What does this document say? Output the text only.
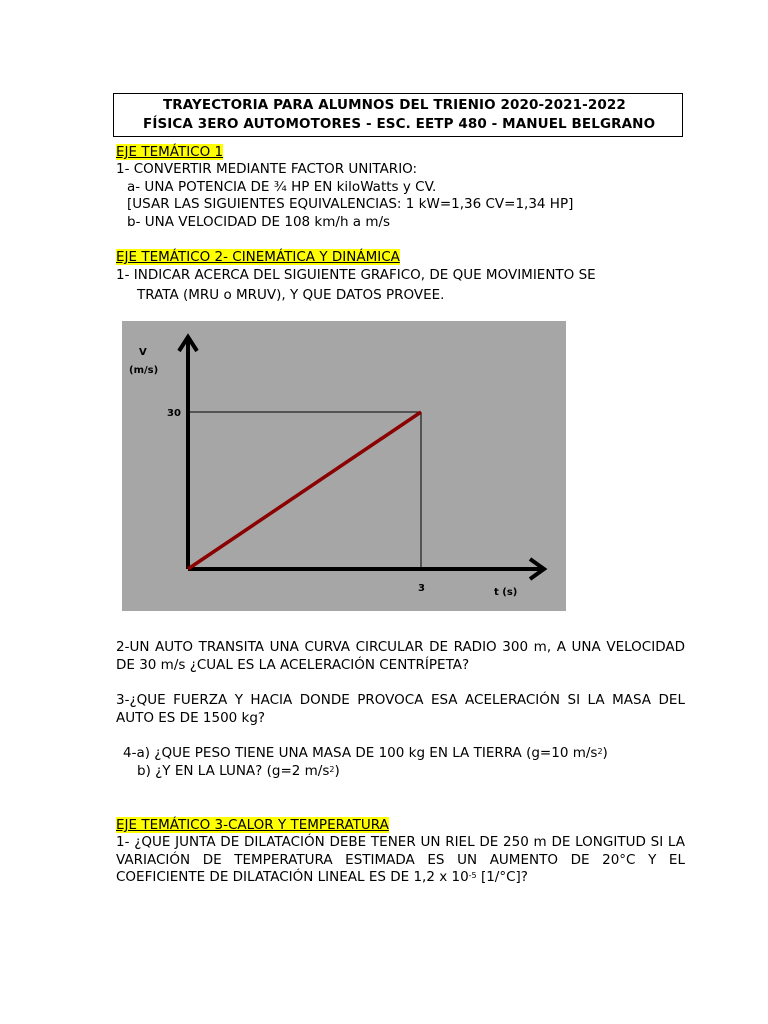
TRAYECTORIA PARA ALUMNOS DEL TRIENIO 2020-2021-2022
FÍSICA 3ERO AUTOMOTORES - ESC. EETP 480 - MANUEL BELGRANO
EJE TEMÁTICO 1
1- CONVERTIR MEDIANTE FACTOR UNITARIO:
a- UNA POTENCIA DE ¾ HP EN kiloWatts y CV.
[USAR LAS SIGUIENTES EQUIVALENCIAS: 1 kW=1,36 CV=1,34 HP]
b- UNA VELOCIDAD DE 108 km/h a m/s
EJE TEMÁTICO 2- CINEMÁTICA Y DINÁMICA
1- INDICAR ACERCA DEL SIGUIENTE GRAFICO, DE QUE MOVIMIENTO SE
TRATA (MRU o MRUV), Y QUE DATOS PROVEE.
V
(m/s)
30
3	t (s)
2-UN AUTO TRANSITA UNA CURVA CIRCULAR DE RADIO 300 m, A UNA VELOCIDAD DE 30 m/s ¿CUAL ES LA ACELERACIÓN CENTRÍPETA?
3-¿QUE FUERZA Y HACIA DONDE PROVOCA ESA ACELERACIÓN SI LA MASA DEL AUTO ES DE 1500 kg?
4-a) ¿QUE PESO TIENE UNA MASA DE 100 kg EN LA TIERRA (g=10 $m/s^2$)
b) ¿Y EN LA LUNA? (g=2 $m/s^2$)
EJE TEMÁTICO 3-CALOR Y TEMPERATURA
1- ¿QUE JUNTA DE DILATACIÓN DEBE TENER UN RIEL DE 250 m DE LONGITUD SI LA VARIACIÓN DE TEMPERATURA ESTIMADA ES UN AUMENTO DE 20°C Y EL COEFICIENTE DE DILATACIÓN LINEAL ES DE 1,2 x $10^{-5}$ [1/°C]?
